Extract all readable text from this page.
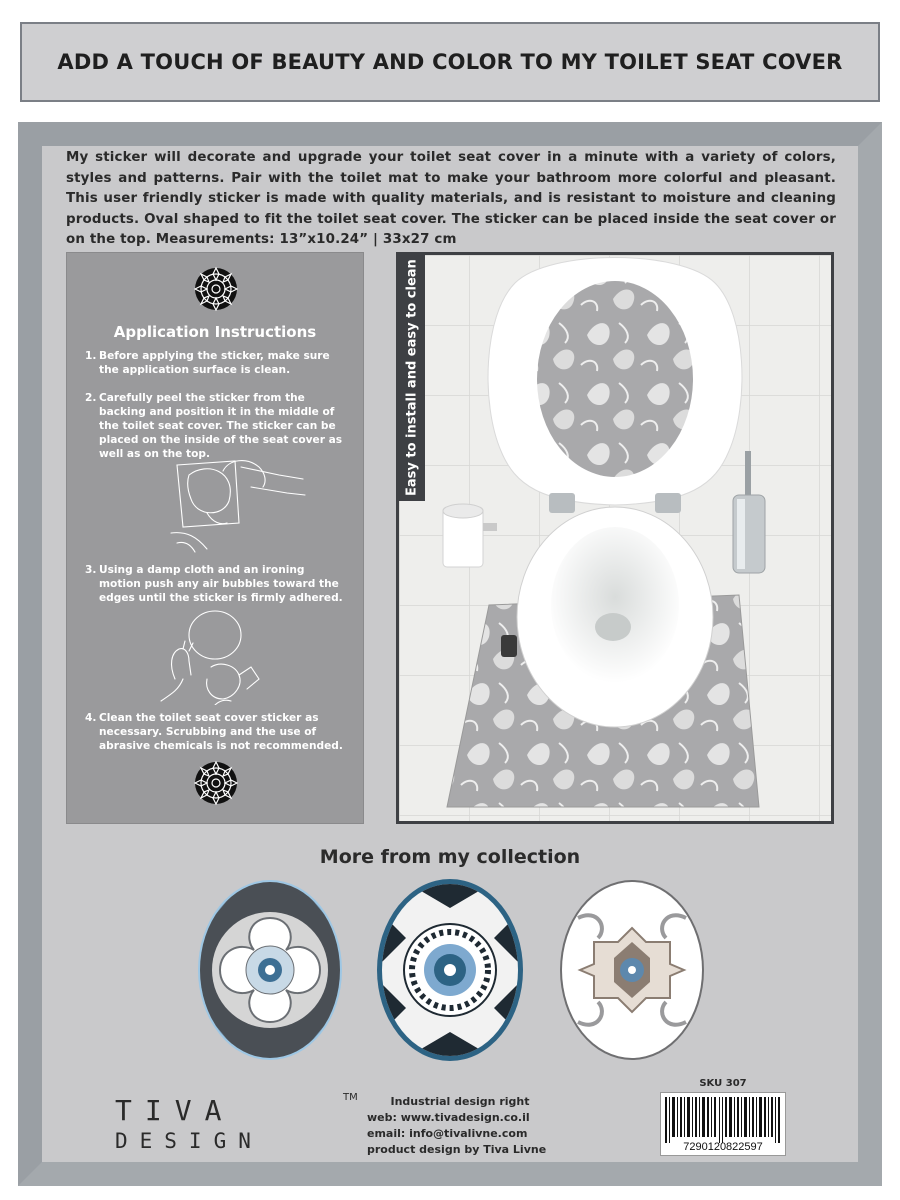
ADD A TOUCH OF BEAUTY AND COLOR TO MY TOILET SEAT COVER

My sticker will decorate and upgrade your toilet seat cover in a minute with a variety of colors, styles and patterns. Pair with the toilet mat to make your bathroom more colorful and pleasant. This user friendly sticker is made with quality materials, and is resistant to moisture and cleaning products. Oval shaped to fit the toilet seat cover. The sticker can be placed inside the seat cover or on the top. Measurements: 13”x10.24” | 33x27 cm

Application Instructions
1. Before applying the sticker, make sure the application surface is clean.
2. Carefully peel the sticker from the backing and position it in the middle of the toilet seat cover. The sticker can be placed on the inside of the seat cover as well as on the top.
3. Using a damp cloth and an ironing motion push any air bubbles toward the edges until the sticker is firmly adhered.
4. Clean the toilet seat cover sticker as necessary. Scrubbing and the use of abrasive chemicals is not recommended.
Easy to install and easy to clean
More from my collection
TIVA	TM
DESIGN
Industrial design right
web: www.tivadesign.co.il
email: info@tivalivne.com
product design by Tiva Livne
SKU 307
7290120822597
